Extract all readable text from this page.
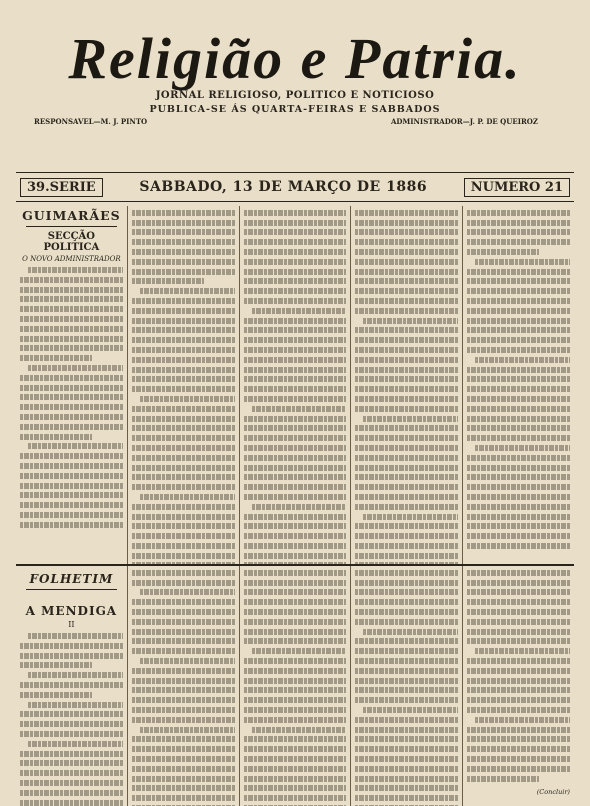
Religião e Patria.
JORNAL RELIGIOSO, POLITICO E NOTICIOSO
PUBLICA-SE ÁS QUARTA-FEIRAS E SABBADOS
RESPONSAVEL—M. J. PINTO	ADMINISTRADOR—J. P. DE QUEIROZ
39.SERIE	SABBADO, 13 DE MARÇO DE 1886	NUMERO 21
GUIMARÃES
SECÇÃO POLITICA
O NOVO ADMINISTRADOR
FOLHETIM
A MENDIGA
II
(Concluir)
